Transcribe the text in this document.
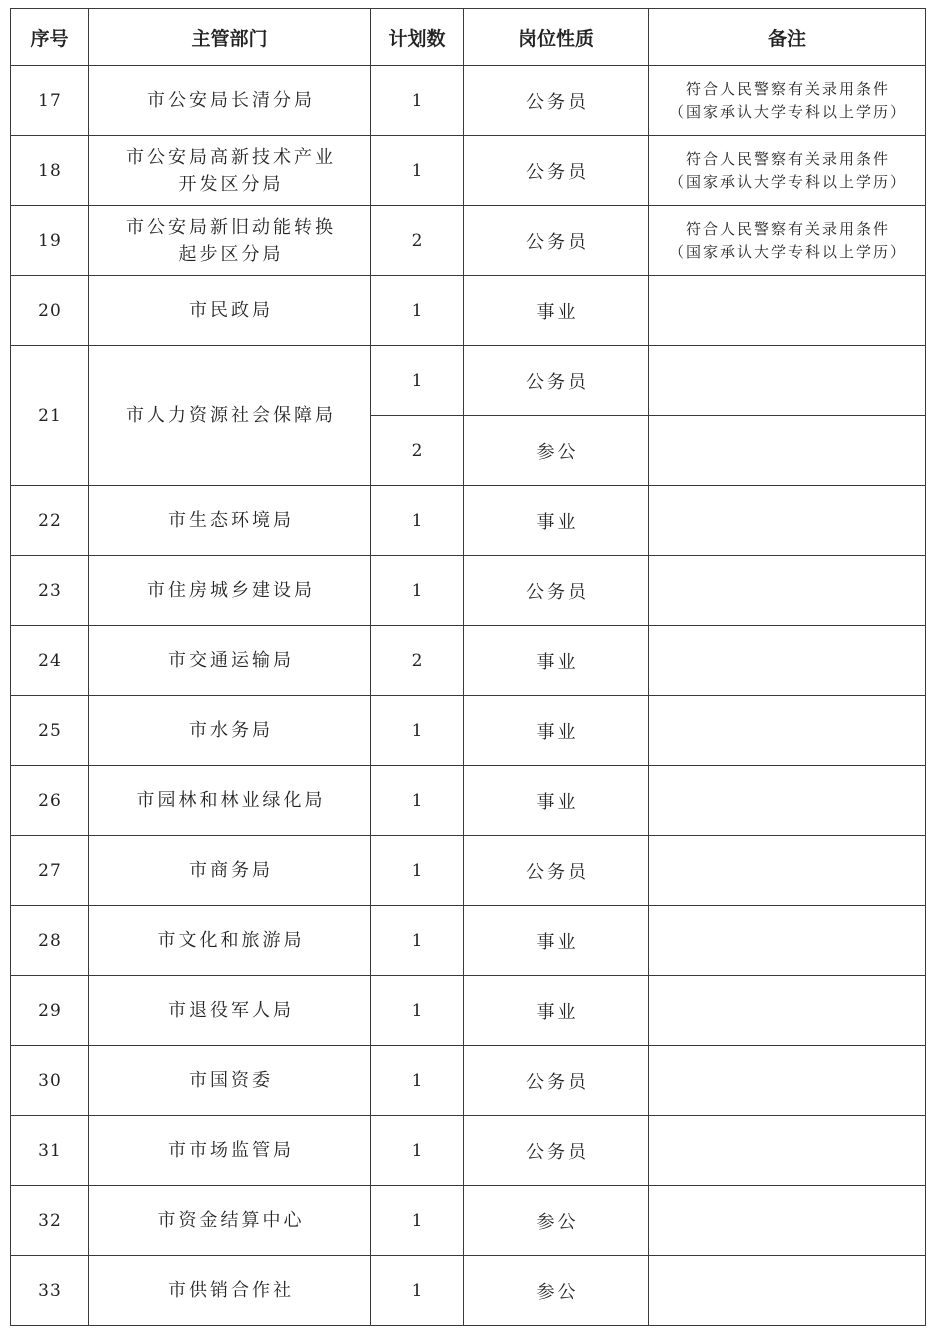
序号	主管部门	计划数	岗位性质	备注
17	市公安局长清分局	1	公务员	符合人民警察有关录用条件
（国家承认大学专科以上学历）
18	市公安局高新技术产业
开发区分局	1	公务员	符合人民警察有关录用条件
（国家承认大学专科以上学历）
19	市公安局新旧动能转换
起步区分局	2	公务员	符合人民警察有关录用条件
（国家承认大学专科以上学历）
20	市民政局	1	事业	
21	市人力资源社会保障局	1	公务员	
		2	参公	
22	市生态环境局	1	事业	
23	市住房城乡建设局	1	公务员	
24	市交通运输局	2	事业	
25	市水务局	1	事业	
26	市园林和林业绿化局	1	事业	
27	市商务局	1	公务员	
28	市文化和旅游局	1	事业	
29	市退役军人局	1	事业	
30	市国资委	1	公务员	
31	市市场监管局	1	公务员	
32	市资金结算中心	1	参公	
33	市供销合作社	1	参公	
